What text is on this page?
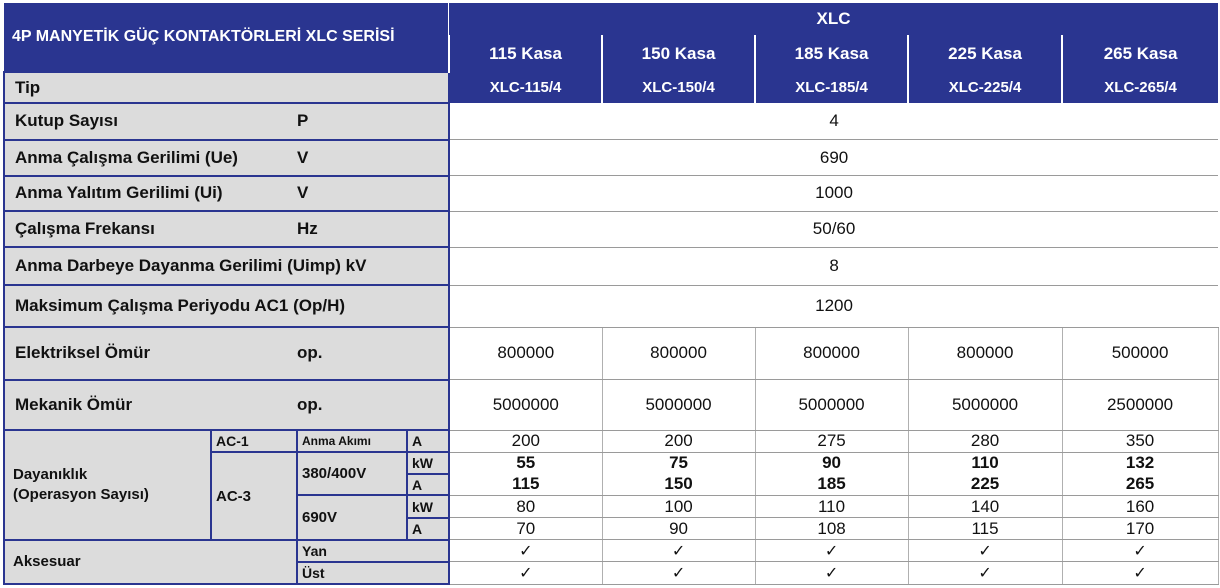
4P MANYETİK GÜÇ KONTAKTÖRLERİ XLC SERİSİ				XLC				
				115 Kasa	150 Kasa	185 Kasa	225 Kasa	265 Kasa
Tip				XLC-115/4	XLC-150/4	XLC-185/4	XLC-225/4	XLC-265/4
Kutup Sayısı		P		4				
Anma Çalışma Gerilimi (Ue)		V		690				
Anma Yalıtım Gerilimi (Ui)		V		1000				
Çalışma Frekansı		Hz		50/60				
Anma Darbeye Dayanma Gerilimi (Uimp) kV				8				
Maksimum Çalışma Periyodu AC1 (Op/H)				1200				
Elektriksel Ömür		op.		800000	800000	800000	800000	500000
Mekanik Ömür		op.		5000000	5000000	5000000	5000000	2500000
Dayanıklık
(Operasyon Sayısı)	AC-1	Anma Akımı	A	200	200	275	280	350
	AC-3	380/400V	kW	55	75	90	110	132
			A	115	150	185	225	265
		690V	kW	80	100	110	140	160
			A	70	90	108	115	170
Aksesuar		Yan		✓	✓	✓	✓	✓
		Üst		✓	✓	✓	✓	✓
